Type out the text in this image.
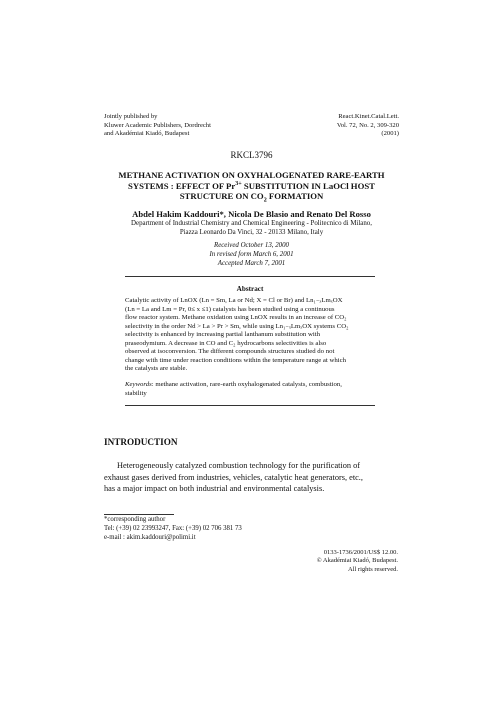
Jointly published by
Kluwer Academic Publishers, Dordrecht
and Akadémiai Kiadó, Budapest
React.Kinet.Catal.Lett.
Vol. 72, No. 2, 309-320
(2001)
RKCL3796
METHANE ACTIVATION ON OXYHALOGENATED RARE-EARTH
SYSTEMS : EFFECT OF $Pr^{3+}$ SUBSTITUTION IN LaOCl HOST
STRUCTURE ON $CO_2$ FORMATION
Abdel Hakim Kaddouri*, Nicola De Blasio and Renato Del Rosso
Department of Industrial Chemistry and Chemical Engineering - Politecnico di Milano,
Piazza Leonardo Da Vinci, 32 - 20133 Milano, Italy
Received October 13, 2000
In revised form March 6, 2001
Accepted March 7, 2001
Abstract
Catalytic activity of LnOX (Ln = Sm, La or Nd; X = Cl or Br) and Ln₁₋ₓLmₓOX
(Ln = La and Lm = Pr, 0≤ x ≤1) catalysts has been studied using a continuous
flow reactor system. Methane oxidation using LnOX results in an increase of CO₂
selectivity in the order Nd > La > Pr > Sm, while using Ln₁₋ₓLmₓOX systems CO₂
selectivity is enhanced by increasing partial lanthanum substitution with
praseodymium. A decrease in CO and C₂ hydrocarbons selectivities is also
observed at isoconversion. The different compounds structures studied do not
change with time under reaction conditions within the temperature range at which
the catalysts are stable.
Keywords: methane activation, rare-earth oxyhalogenated catalysts, combustion,
stability
INTRODUCTION
Heterogeneously catalyzed combustion technology for the purification of
exhaust gases derived from industries, vehicles, catalytic heat generators, etc.,
has a major impact on both industrial and environmental catalysis.
*corresponding author
Tel: (+39) 02 23993247, Fax: (+39) 02 706 381 73
e-mail : akim.kaddouri@polimi.it
0133-1736/2001/US$ 12.00.
© Akadémiai Kiadó, Budapest.
All rights reserved.
